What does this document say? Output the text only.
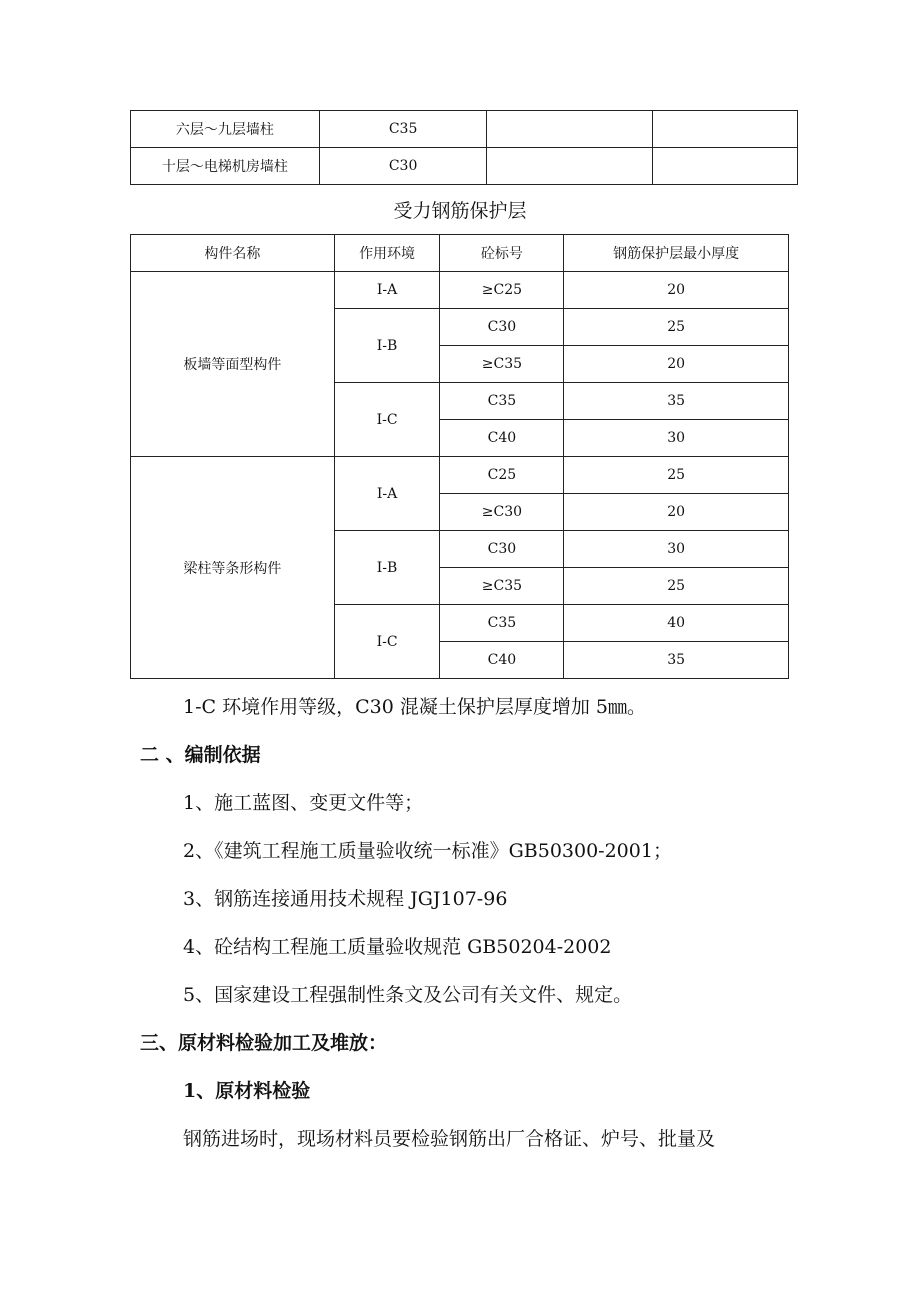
六层～九层墙柱	C35		
十层～电梯机房墙柱	C30		
受力钢筋保护层
构件名称	作用环境	砼标号	钢筋保护层最小厚度
板墙等面型构件	I-A	≥C25	20
	I-B	C30	25
		≥C35	20
	I-C	C35	35
		C40	30
梁柱等条形构件	I-A	C25	25
		≥C30	20
	I-B	C30	30
		≥C35	25
	I-C	C35	40
		C40	35
1-C 环境作用等级，C30 混凝土保护层厚度增加 5㎜。
二 、编制依据
1、施工蓝图、变更文件等；
2、《建筑工程施工质量验收统一标准》GB50300-2001；
3、钢筋连接通用技术规程 JGJ107-96
4、砼结构工程施工质量验收规范 GB50204-2002
5、国家建设工程强制性条文及公司有关文件、规定。
三、原材料检验加工及堆放：
1、原材料检验
钢筋进场时，现场材料员要检验钢筋出厂合格证、炉号、批量及
